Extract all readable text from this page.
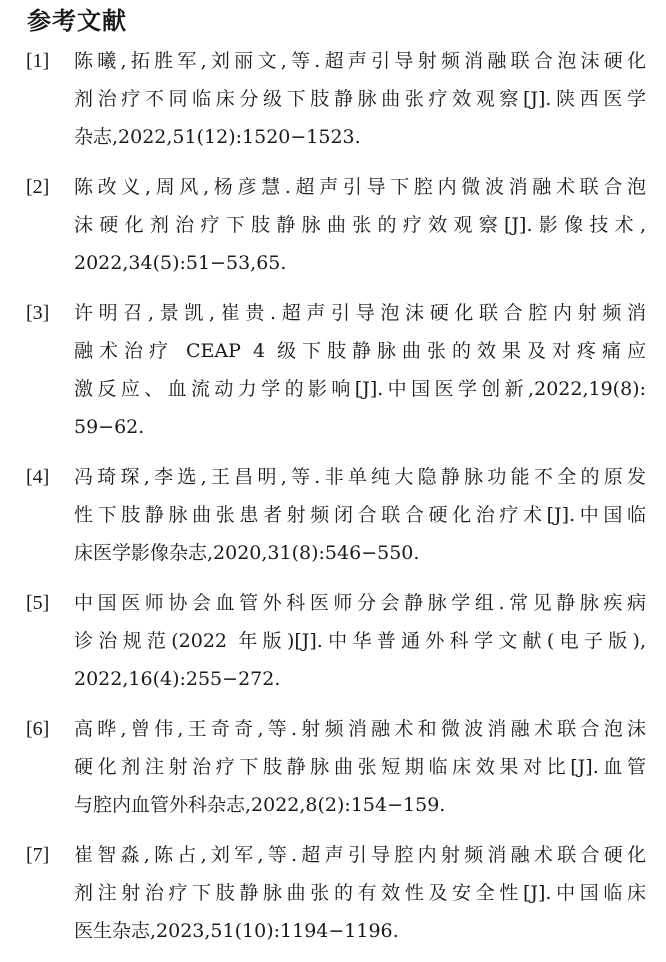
参考文献
[1] 陈曦,拓胜军,刘丽文,等.超声引导射频消融联合泡沫硬化
剂治疗不同临床分级下肢静脉曲张疗效观察[J].陕西医学
杂志,2022,51(12):1520−1523.
[2] 陈改义,周风,杨彦慧.超声引导下腔内微波消融术联合泡
沫硬化剂治疗下肢静脉曲张的疗效观察[J].影像技术,
2022,34(5):51−53,65.
[3] 许明召,景凯,崔贵.超声引导泡沫硬化联合腔内射频消
融术治疗 CEAP 4 级下肢静脉曲张的效果及对疼痛应
激反应、血流动力学的影响[J].中国医学创新,2022,19(8):
59−62.
[4] 冯琦琛,李选,王昌明,等.非单纯大隐静脉功能不全的原发
性下肢静脉曲张患者射频闭合联合硬化治疗术[J].中国临
床医学影像杂志,2020,31(8):546−550.
[5] 中国医师协会血管外科医师分会静脉学组.常见静脉疾病
诊治规范(2022 年版)[J].中华普通外科学文献(电子版),
2022,16(4):255−272.
[6] 高晔,曾伟,王奇奇,等.射频消融术和微波消融术联合泡沫
硬化剂注射治疗下肢静脉曲张短期临床效果对比[J].血管
与腔内血管外科杂志,2022,8(2):154−159.
[7] 崔智淼,陈占,刘军,等.超声引导腔内射频消融术联合硬化
剂注射治疗下肢静脉曲张的有效性及安全性[J].中国临床
医生杂志,2023,51(10):1194−1196.
